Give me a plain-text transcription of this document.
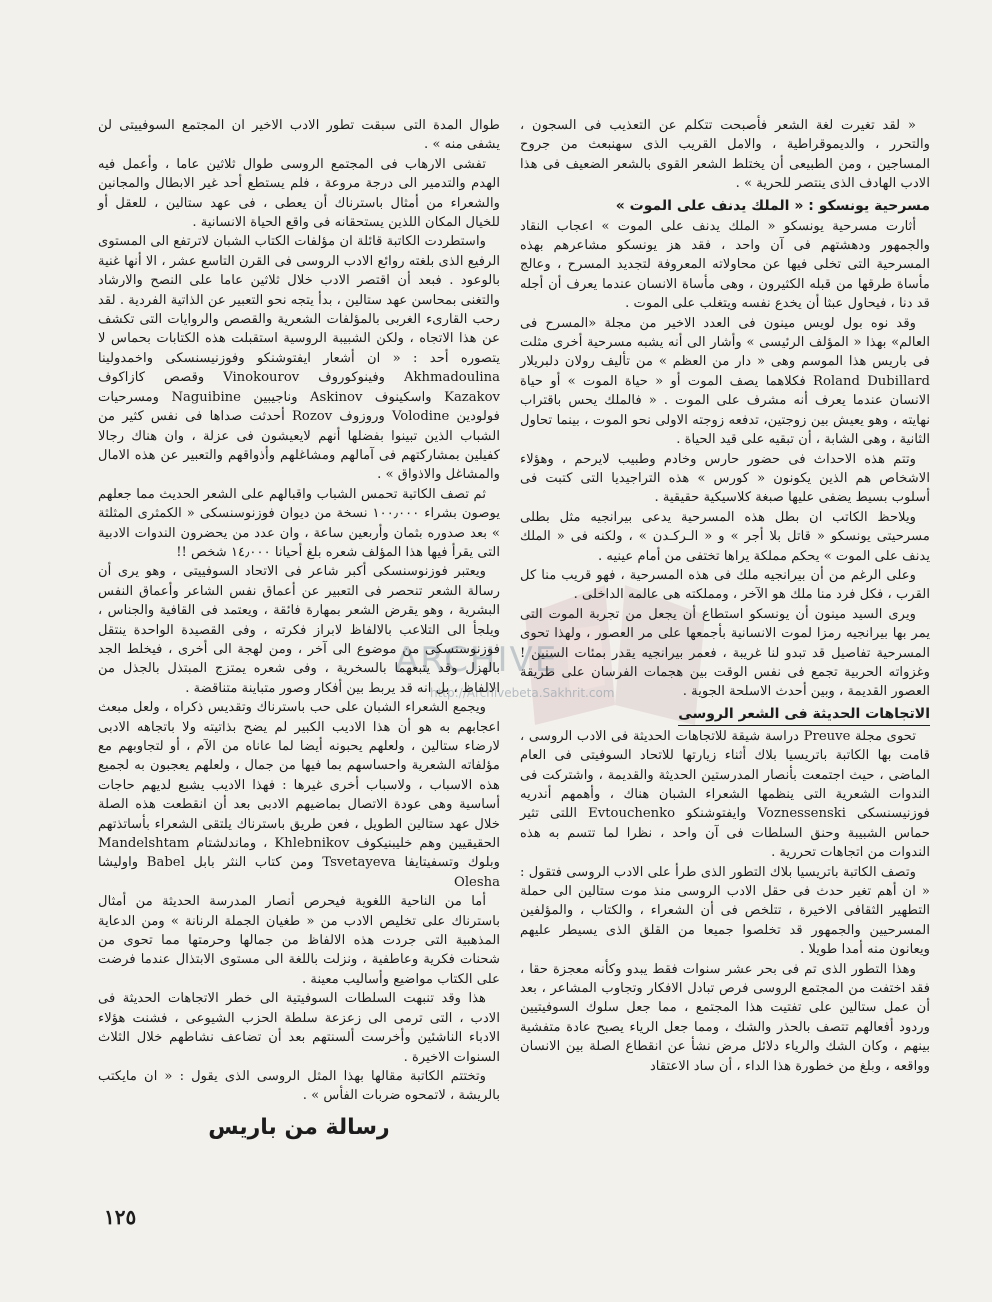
ARCHIVE
http://Archivebeta.Sakhrit.com

« لقد تغيرت لغة الشعر فأصبحت تتكلم عن التعذيب فى السجون ، والتحرر ، والديموقراطية ، والامل القريب الذى سهنبعث من جروح المساجين ، ومن الطبيعى أن يختلط الشعر القوى بالشعر الضعيف فى هذا الادب الهادف الذى ينتصر للحرية » .

مسرحية يونسكو : « الملك يدنف على الموت »

أثارت مسرحية يونسكو « الملك يدنف على الموت » اعجاب النقاد والجمهور ودهشتهم فى آن واحد ، فقد هز يونسكو مشاعرهم بهذه المسرحية التى تخلى فيها عن محاولاته المعروفة لتجديد المسرح ، وعالج مأساة طرقها من قبله الكثيرون ، وهى مأساة الانسان عندما يعرف أن أجله قد دنا ، فيحاول عبثا أن يخدع نفسه ويتغلب على الموت .

وقد نوه بول لويس مينون فى العدد الاخير من مجلة «المسرح فى العالم» بهذا « المؤلف الرئيسى » وأشار الى أنه يشبه مسرحية أخرى مثلت فى باريس هذا الموسم وهى « دار من العظم » من تأليف رولان دلبريلار Roland Dubillard فكلاهما يصف الموت أو « حياة الموت » أو حياة الانسان عندما يعرف أنه مشرف على الموت . « فالملك يحس باقتراب نهايته ، وهو يعيش بين زوجتين، تدفعه زوجته الاولى نحو الموت ، بينما تحاول الثانية ، وهى الشابة ، أن تبقيه على قيد الحياة .

وتتم هذه الاحداث فى حضور حارس وخادم وطبيب لايرحم ، وهؤلاء الاشخاص هم الذين يكونون « كورس » هذه التراجيديا التى كتبت فى أسلوب بسيط يضفى عليها صبغة كلاسيكية حقيقية .

ويلاحظ الكاتب ان بطل هذه المسرحية يدعى بيرانجيه مثل بطلى مسرحيتى يونسكو « قاتل بلا أجر » و « الـركـدن » ، ولكنه فى « الملك يدنف على الموت » يحكم مملكة يراها تختفى من أمام عينيه .

وعلى الرغم من أن بيرانجيه ملك فى هذه المسرحية ، فهو قريب منا كل القرب ، فكل فرد منا ملك هو الآخر ، ومملكته هى عالمه الداخلى .

ويرى السيد مينون أن يونسكو استطاع أن يجعل من تجربة الموت التى يمر بها بيرانجيه رمزا لموت الانسانية بأجمعها على مر العصور ، ولهذا تحوى المسرحية تفاصيل قد تبدو لنا غريبة ، فعمر بيرانجيه يقدر بمئات السنين ! وغزواته الحربية تجمع فى نفس الوقت بين هجمات الفرسان على طريقة العصور القديمة ، وبين أحدث الاسلحة الجوية .

الاتجاهات الحديثة فى الشعر الروسى

تحوى مجلة Preuve دراسة شيقة للاتجاهات الحديثة فى الادب الروسى ، قامت بها الكاتبة باتريسيا بلاك أثناء زيارتها للاتحاد السوفيتى فى العام الماضى ، حيث اجتمعت بأنصار المدرستين الحديثة والقديمة ، واشتركت فى الندوات الشعرية التى ينظمها الشعراء الشبان هناك ، وأهمهم أندريه فوزنيسنسكى Voznessenski وايفتوشنكو Evtouchenko اللتى تثير حماس الشبيبة وحنق السلطات فى آن واحد ، نظرا لما تتسم به هذه الندوات من اتجاهات تحررية .

وتصف الكاتبة باتريسيا بلاك التطور الذى طرأ على الادب الروسى فتقول : « ان أهم تغير حدث فى حقل الادب الروسى منذ موت ستالين الى حملة التطهير الثقافى الاخيرة ، تتلخص فى أن الشعراء ، والكتاب ، والمؤلفين المسرحيين والجمهور قد تخلصوا جميعا من القلق الذى يسيطر عليهم ويعانون منه أمدا طويلا .

وهذا التطور الذى تم فى بحر عشر سنوات فقط يبدو وكأنه معجزة حقا ، فقد اختفت من المجتمع الروسى فرص تبادل الافكار وتجاوب المشاعر ، بعد أن عمل ستالين على تفتيت هذا المجتمع ، مما جعل سلوك السوفيتيين وردود أفعالهم تتصف بالحذر والشك ، ومما جعل الرياء يصبح عادة متفشية بينهم ، وكان الشك والرياء دلائل مرض نشأ عن انقطاع الصلة بين الانسان وواقعه ، وبلغ من خطورة هذا الداء ، أن ساد الاعتقاد

طوال المدة التى سبقت تطور الادب الاخير ان المجتمع السوفييتى لن يشفى منه » .

تفشى الارهاب فى المجتمع الروسى طوال ثلاثين عاما ، وأعمل فيه الهدم والتدمير الى درجة مروعة ، فلم يستطع أحد غير الابطال والمجانين والشعراء من أمثال باسترناك أن يعطى ، فى عهد ستالين ، للعقل أو للخيال المكان اللذين يستحقانه فى واقع الحياة الانسانية .

واستطردت الكاتبة قائلة ان مؤلفات الكتاب الشبان لاترتفع الى المستوى الرفيع الذى بلغته روائع الادب الروسى فى القرن التاسع عشر ، الا أنها غنية بالوعود . فبعد أن اقتصر الادب خلال ثلاثين عاما على النصح والارشاد والتغنى بمحاسن عهد ستالين ، بدأ يتجه نحو التعبير عن الذاتية الفردية . لقد رحب القارىء الغربى بالمؤلفات الشعرية والقصص والروايات التى تكشف عن هذا الاتجاه ، ولكن الشبيبة الروسية استقبلت هذه الكتابات بحماس لا يتصوره أحد : « ان أشعار ايفتوشنكو وفوزنيسنسكى واخمدولينا Akhmadoulina وفينوكوروف Vinokourov وقصص كازاكوف Kazakov واسكينوف Askinov وناجيبين Naguibine ومسرحيات فولودين Volodine وروزوف Rozov أحدثت صداها فى نفس كثير من الشباب الذين تبينوا بفضلها أنهم لايعيشون فى عزلة ، وان هناك رجالا كفيلين بمشاركتهم فى آمالهم ومشاغلهم وأذواقهم والتعبير عن هذه الامال والمشاغل والاذواق » .

ثم تصف الكاتبة تحمس الشباب واقبالهم على الشعر الحديث مما جعلهم يوصون بشراء ١٠٠٫٠٠٠ نسخة من ديوان فوزنوسنسكى « الكمثرى المثلثة » بعد صدوره بثمان وأربعين ساعة ، وان عدد من يحضرون الندوات الادبية التى يقرأ فيها هذا المؤلف شعره بلغ أحيانا ١٤٫٠٠٠ شخص !!

ويعتبر فوزنوسنسكى أكبر شاعر فى الاتحاد السوفييتى ، وهو يرى أن رسالة الشعر تنحصر فى التعبير عن أعماق نفس الشاعر وأعماق النفس البشرية ، وهو يقرض الشعر بمهارة فائقة ، ويعتمد فى القافية والجناس ، ويلجأ الى التلاعب بالالفاظ لابراز فكرته ، وفى القصيدة الواحدة ينتقل فوزنوسنسكى من موضوع الى آخر ، ومن لهجة الى أخرى ، فيخلط الجد بالهزل وقد يتبعهما بالسخرية ، وفى شعره يمتزج المبتذل بالجذل من الالفاظ ، بل انه قد يربط بين أفكار وصور متباينة متناقضة .

ويجمع الشعراء الشبان على حب باسترناك وتقديس ذكراه ، ولعل مبعث اعجابهم به هو أن هذا الاديب الكبير لم يضح بذاتيته ولا باتجاهه الادبى لارضاء ستالين ، ولعلهم يحبونه أيضا لما عاناه من الآم ، أو لتجاوبهم مع مؤلفاته الشعرية واحساسهم بما فيها من جمال ، ولعلهم يعجبون به لجميع هذه الاسباب ، ولاسباب أخرى غيرها : فهذا الاديب يشبع لديهم حاجات أساسية وهى عودة الاتصال بماضيهم الادبى بعد أن انقطعت هذه الصلة خلال عهد ستالين الطويل ، فعن طريق باسترناك يلتقى الشعراء بأساتذتهم الحقيقيين وهم خليبنيكوف Khlebnikov ، وماندلشتام Mandelshtam وبلوك وتسفيتايفا Tsvetayeva ومن كتاب النثر بابل Babel واوليشا Olesha

أما من الناحية اللغوية فيحرص أنصار المدرسة الحديثة من أمثال باسترناك على تخليص الادب من « طغيان الجملة الرنانة » ومن الدعاية المذهبية التى جردت هذه الالفاظ من جمالها وحرمتها مما تحوى من شحنات فكرية وعاطفية ، ونزلت باللغة الى مستوى الابتذال عندما فرضت على الكتاب مواضيع وأساليب معينة .

هذا وقد تنبهت السلطات السوفيتية الى خطر الاتجاهات الحديثة فى الادب ، التى ترمى الى زعزعة سلطة الحزب الشيوعى ، فشنت هؤلاء الادباء الناشئين وأخرست ألسنتهم بعد أن تضاعف نشاطهم خلال الثلاث السنوات الاخيرة .

وتختتم الكاتبة مقالها بهذا المثل الروسى الذى يقول : « ان مايكتب بالريشة ، لاتمحوه ضربات الفأس » .

رسالة من باريس
١٢٥
